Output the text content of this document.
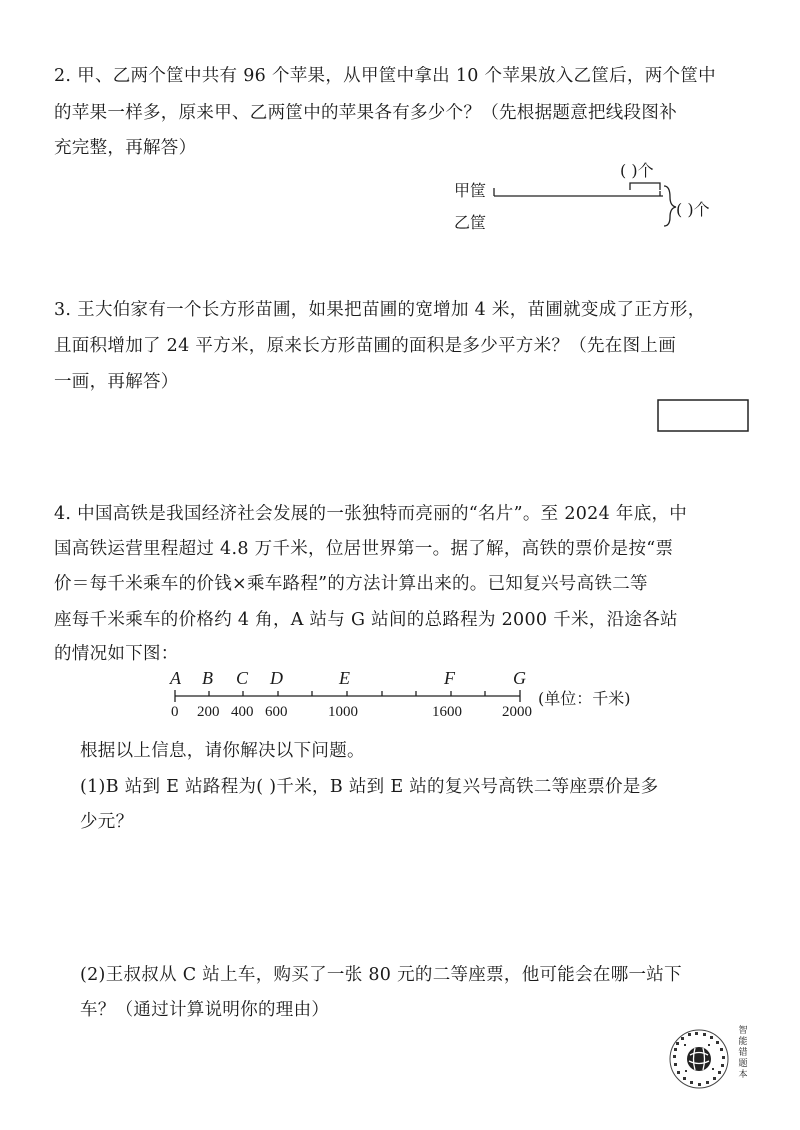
2. 甲、乙两个筐中共有 96 个苹果，从甲筐中拿出 10 个苹果放入乙筐后，两个筐中
的苹果一样多，原来甲、乙两筐中的苹果各有多少个？（先根据题意把线段图补
充完整，再解答）
甲筐
乙筐
( )个
( )个
3. 王大伯家有一个长方形苗圃，如果把苗圃的宽增加 4 米，苗圃就变成了正方形，
且面积增加了 24 平方米，原来长方形苗圃的面积是多少平方米？（先在图上画
一画，再解答）
4. 中国高铁是我国经济社会发展的一张独特而亮丽的“名片”。至 2024 年底，中
国高铁运营里程超过 4.8 万千米，位居世界第一。据了解，高铁的票价是按“票
价＝每千米乘车的价钱×乘车路程”的方法计算出来的。已知复兴号高铁二等
座每千米乘车的价格约 4 角，A 站与 G 站间的总路程为 2000 千米，沿途各站
的情况如下图：
A B C D	E	F	G
0 200 400 600	1000	1600	2000
(单位：千米)
根据以上信息，请你解决以下问题。
(1)B 站到 E 站路程为( )千米，B 站到 E 站的复兴号高铁二等座票价是多
少元？
(2)王叔叔从 C 站上车，购买了一张 80 元的二等座票，他可能会在哪一站下
车？（通过计算说明你的理由）
智能错题本
